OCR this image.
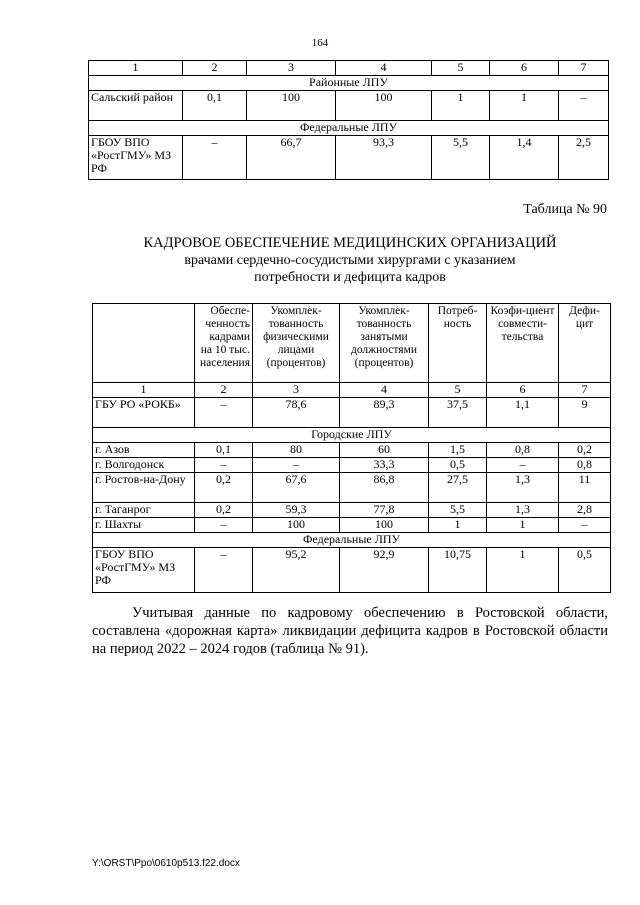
164
1	2	3	4	5	6	7
Районные ЛПУ						
Сальский район	0,1	100	100	1	1	–
Федеральные ЛПУ						
ГБОУ ВПО «РостГМУ» МЗ РФ	–	66,7	93,3	5,5	1,4	2,5
Таблица № 90
КАДРОВОЕ ОБЕСПЕЧЕНИЕ МЕДИЦИНСКИХ ОРГАНИЗАЦИЙ
врачами сердечно-сосудистыми хирургами с указанием
потребности и дефицита кадров
	Обеспе-ченность кадрами на 10 тыс. населения	Укомплек-тованность физическими лицами (процентов)	Укомплек-тованность занятыми должностями (процентов)	Потреб-ность	Коэфи-циент совмести-тельства	Дефи-цит
1	2	3	4	5	6	7
ГБУ РО «РОКБ»	–	78,6	89,3	37,5	1,1	9
Городские ЛПУ						
г. Азов	0,1	80	60	1,5	0,8	0,2
г. Волгодонск	–	–	33,3	0,5	–	0,8
г. Ростов-на-Дону	0,2	67,6	86,8	27,5	1,3	11
г. Таганрог	0,2	59,3	77,8	5,5	1,3	2,8
г. Шахты	–	100	100	1	1	–
Федеральные ЛПУ						
ГБОУ ВПО «РостГМУ» МЗ РФ	–	95,2	92,9	10,75	1	0,5
Учитывая данные по кадровому обеспечению в Ростовской области, составлена «дорожная карта» ликвидации дефицита кадров в Ростовской области на период 2022 – 2024 годов (таблица № 91).
Y:\ORST\Ppo\0610p513.f22.docx
